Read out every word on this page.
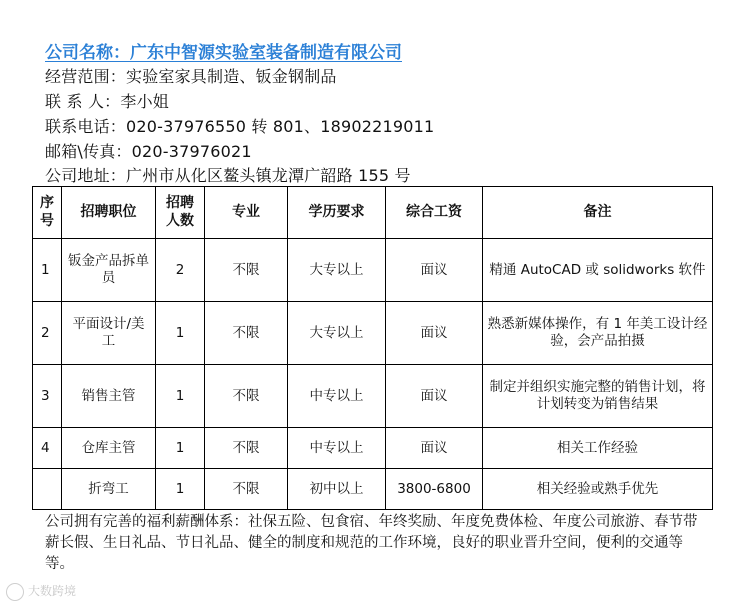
公司名称：广东中智源实验室装备制造有限公司
经营范围：实验室家具制造、钣金钢制品
联 系 人：李小姐
联系电话：020-37976550 转 801、18902219011
邮箱\传真：020-37976021
公司地址：广州市从化区鳌头镇龙潭广韶路 155 号
序号	招聘职位	招聘人数	专业	学历要求	综合工资	备注
1	钣金产品拆单员	2	不限	大专以上	面议	精通 AutoCAD 或 solidworks 软件
2	平面设计/美工	1	不限	大专以上	面议	熟悉新媒体操作，有 1 年美工设计经验，会产品拍摄
3	销售主管	1	不限	中专以上	面议	制定并组织实施完整的销售计划，将计划转变为销售结果
4	仓库主管	1	不限	中专以上	面议	相关工作经验
	折弯工	1	不限	初中以上	3800-6800	相关经验或熟手优先
公司拥有完善的福利薪酬体系：社保五险、包食宿、年终奖励、年度免费体检、年度公司旅游、春节带薪长假、生日礼品、节日礼品、健全的制度和规范的工作环境，良好的职业晋升空间，便利的交通等等。
大数跨境
